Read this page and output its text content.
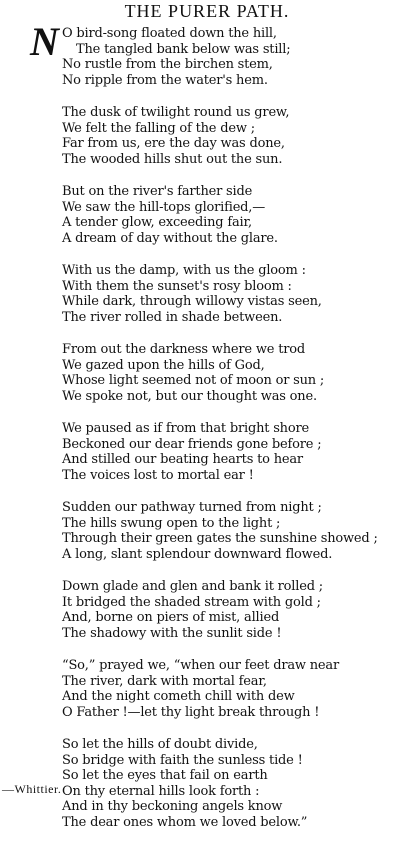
THE PURER PATH.
N O bird-song floated down the hill,
The tangled bank below was still;
No rustle from the birchen stem,
No ripple from the water's hem.
The dusk of twilight round us grew,
We felt the falling of the dew ;
Far from us, ere the day was done,
The wooded hills shut out the sun.
But on the river's farther side
We saw the hill-tops glorified,—
A tender glow, exceeding fair,
A dream of day without the glare.
With us the damp, with us the gloom :
With them the sunset's rosy bloom :
While dark, through willowy vistas seen,
The river rolled in shade between.
From out the darkness where we trod
We gazed upon the hills of God,
Whose light seemed not of moon or sun ;
We spoke not, but our thought was one.
We paused as if from that bright shore
Beckoned our dear friends gone before ;
And stilled our beating hearts to hear
The voices lost to mortal ear !
Sudden our pathway turned from night ;
The hills swung open to the light ;
Through their green gates the sunshine showed ;
A long, slant splendour downward flowed.
Down glade and glen and bank it rolled ;
It bridged the shaded stream with gold ;
And, borne on piers of mist, allied
The shadowy with the sunlit side !
“So,” prayed we, “when our feet draw near
The river, dark with mortal fear,
And the night cometh chill with dew
O Father !—let thy light break through !
So let the hills of doubt divide,
So bridge with faith the sunless tide !
So let the eyes that fail on earth
On thy eternal hills look forth :
And in thy beckoning angels know
The dear ones whom we loved below.”
—Whittier.
